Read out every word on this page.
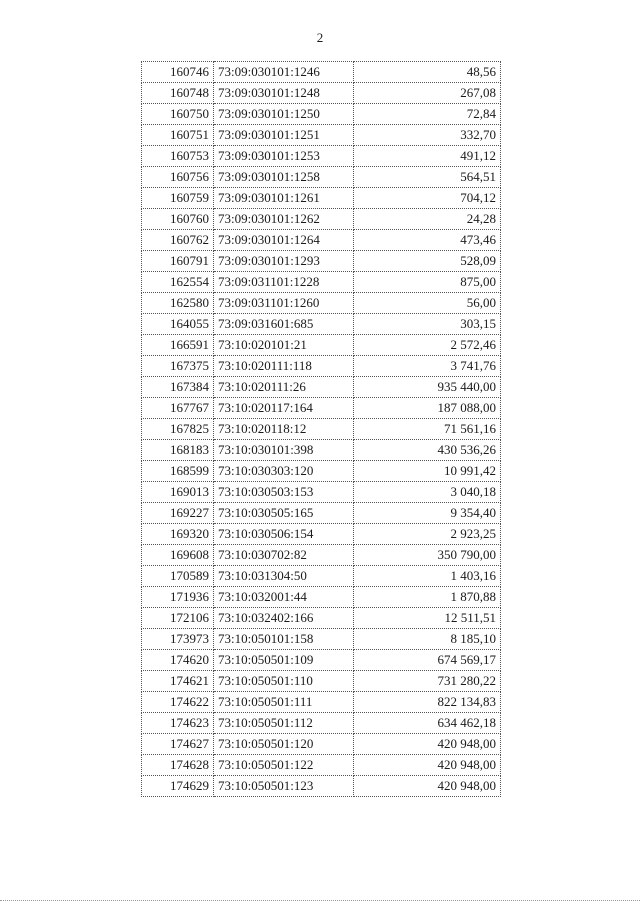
2
160746	73:09:030101:1246	48,56
160748	73:09:030101:1248	267,08
160750	73:09:030101:1250	72,84
160751	73:09:030101:1251	332,70
160753	73:09:030101:1253	491,12
160756	73:09:030101:1258	564,51
160759	73:09:030101:1261	704,12
160760	73:09:030101:1262	24,28
160762	73:09:030101:1264	473,46
160791	73:09:030101:1293	528,09
162554	73:09:031101:1228	875,00
162580	73:09:031101:1260	56,00
164055	73:09:031601:685	303,15
166591	73:10:020101:21	2 572,46
167375	73:10:020111:118	3 741,76
167384	73:10:020111:26	935 440,00
167767	73:10:020117:164	187 088,00
167825	73:10:020118:12	71 561,16
168183	73:10:030101:398	430 536,26
168599	73:10:030303:120	10 991,42
169013	73:10:030503:153	3 040,18
169227	73:10:030505:165	9 354,40
169320	73:10:030506:154	2 923,25
169608	73:10:030702:82	350 790,00
170589	73:10:031304:50	1 403,16
171936	73:10:032001:44	1 870,88
172106	73:10:032402:166	12 511,51
173973	73:10:050101:158	8 185,10
174620	73:10:050501:109	674 569,17
174621	73:10:050501:110	731 280,22
174622	73:10:050501:111	822 134,83
174623	73:10:050501:112	634 462,18
174627	73:10:050501:120	420 948,00
174628	73:10:050501:122	420 948,00
174629	73:10:050501:123	420 948,00
